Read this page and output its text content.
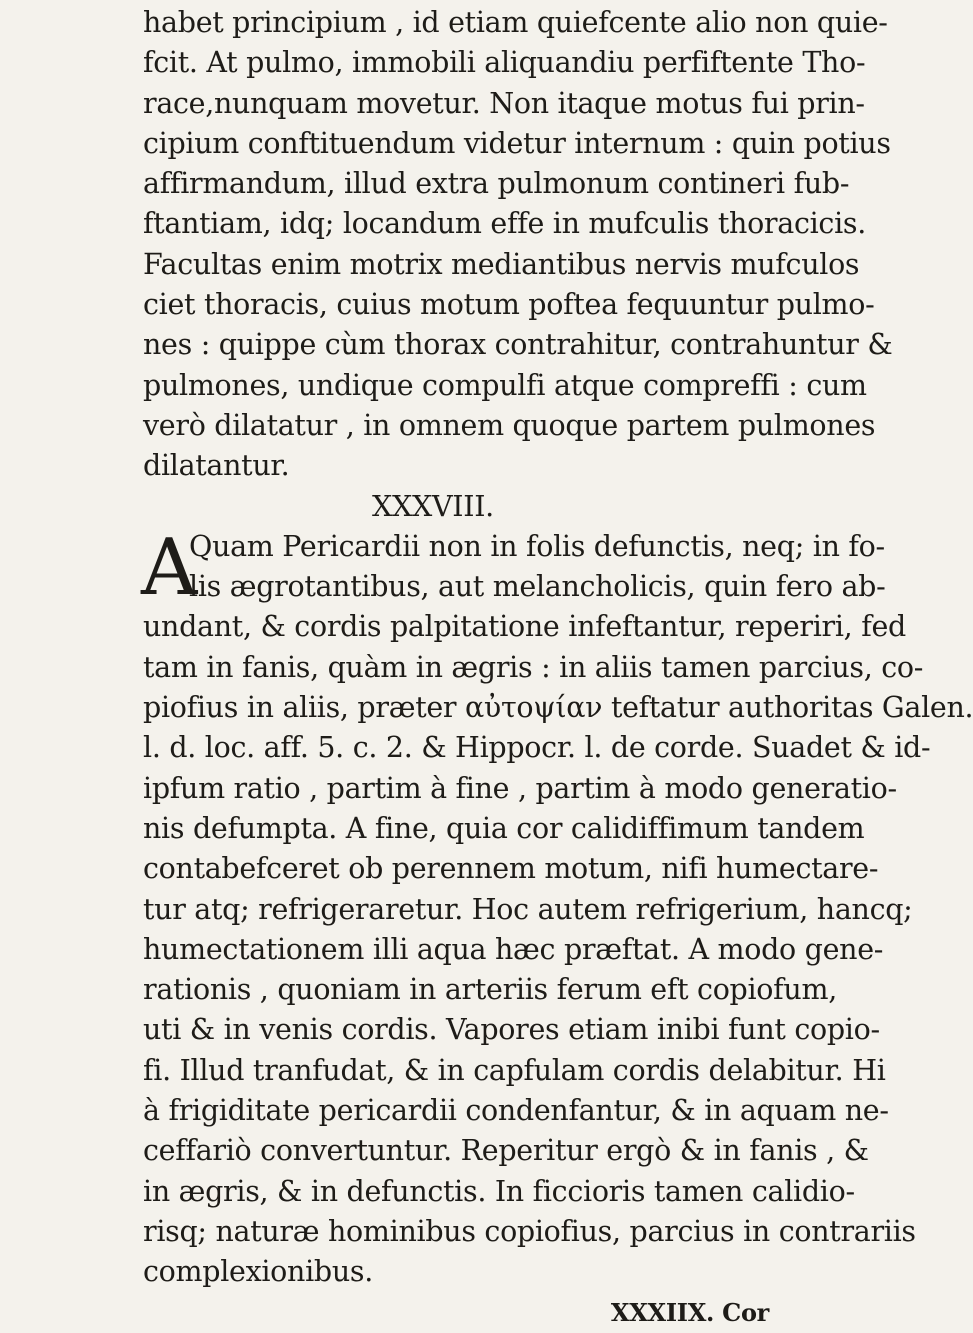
habet principium , id etiam quiefcente alio non quie-
fcit. At pulmo, immobili aliquandiu perfiftente Tho-
race,nunquam movetur. Non itaque motus fui prin-
cipium conftituendum videtur internum : quin potius
affirmandum, illud extra pulmonum contineri fub-
ftantiam, idq; locandum effe in mufculis thoracicis.
Facultas enim motrix mediantibus nervis mufculos
ciet thoracis, cuius motum poftea fequuntur pulmo-
nes : quippe cùm thorax contrahitur, contrahuntur &
pulmones, undique compulfi atque compreffi : cum
verò dilatatur , in omnem quoque partem pulmones
dilatantur.
XXXVIII.
A
Quam Pericardii non in folis defunctis, neq; in fo-
lis ægrotantibus, aut melancholicis, quin fero ab-
undant, & cordis palpitatione infeftantur, reperiri, fed
tam in fanis, quàm in ægris : in aliis tamen parcius, co-
piofius in aliis, præter αὐτοψίαν teftatur authoritas Galen.
l. d. loc. aff. 5. c. 2. & Hippocr. l. de corde. Suadet & id-
ipfum ratio , partim à fine , partim à modo generatio-
nis defumpta. A fine, quia cor calidiffimum tandem
contabefceret ob perennem motum, nifi humectare-
tur atq; refrigeraretur. Hoc autem refrigerium, hancq;
humectationem illi aqua hæc præftat. A modo gene-
rationis , quoniam in arteriis ferum eft copiofum,
uti & in venis cordis. Vapores etiam inibi funt copio-
fi. Illud tranfudat, & in capfulam cordis delabitur. Hi
à frigiditate pericardii condenfantur, & in aquam ne-
ceffariò convertuntur. Reperitur ergò & in fanis , &
in ægris, & in defunctis. In ficcioris tamen calidio-
risq; naturæ hominibus copiofius, parcius in contrariis
complexionibus.
XXXIIX. Cor
